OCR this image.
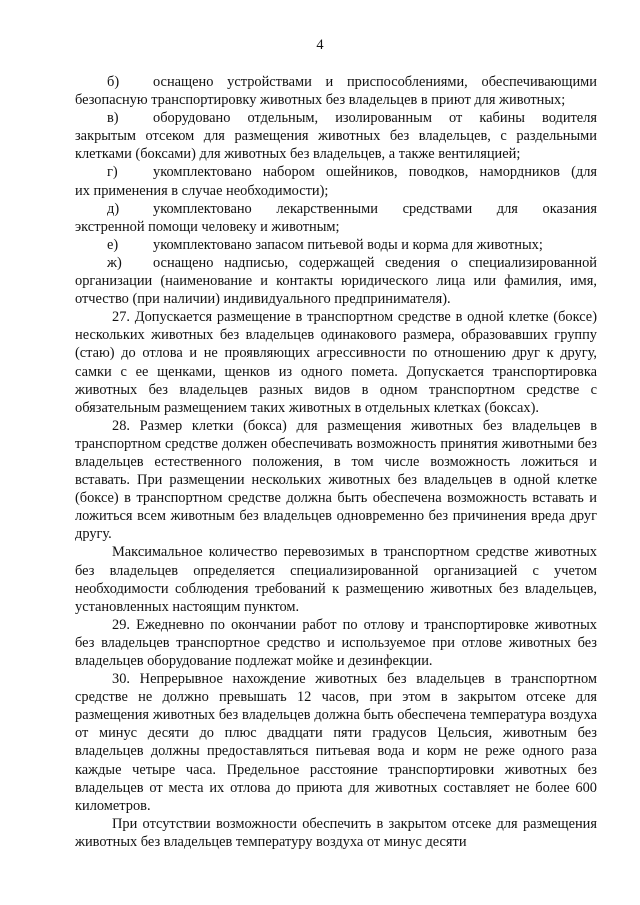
4
б) оснащено устройствами и приспособлениями, обеспечивающими
безопасную транспортировку животных без владельцев в приют для животных;
в) оборудовано отдельным, изолированным от кабины водителя
закрытым отсеком для размещения животных без владельцев, с раздельными клетками (боксами) для животных без владельцев, а также вентиляцией;
г) укомплектовано набором ошейников, поводков, намордников (для
их применения в случае необходимости);
д) укомплектовано лекарственными средствами для оказания
экстренной помощи человеку и животным;
е) укомплектовано запасом питьевой воды и корма для животных;
ж) оснащено надписью, содержащей сведения о специализированной
организации (наименование и контакты юридического лица или фамилия, имя, отчество (при наличии) индивидуального предпринимателя).

27. Допускается размещение в транспортном средстве в одной клетке (боксе) нескольких животных без владельцев одинакового размера, образовавших группу (стаю) до отлова и не проявляющих агрессивности по отношению друг к другу, самки с ее щенками, щенков из одного помета. Допускается транспортировка животных без владельцев разных видов в одном транспортном средстве с обязательным размещением таких животных в отдельных клетках (боксах).

28. Размер клетки (бокса) для размещения животных без владельцев в транспортном средстве должен обеспечивать возможность принятия животными без владельцев естественного положения, в том числе возможность ложиться и вставать. При размещении нескольких животных без владельцев в одной клетке (боксе) в транспортном средстве должна быть обеспечена возможность вставать и ложиться всем животным без владельцев одновременно без причинения вреда друг другу.

Максимальное количество перевозимых в транспортном средстве животных без владельцев определяется специализированной организацией с учетом необходимости соблюдения требований к размещению животных без владельцев, установленных настоящим пунктом.

29. Ежедневно по окончании работ по отлову и транспортировке животных без владельцев транспортное средство и используемое при отлове животных без владельцев оборудование подлежат мойке и дезинфекции.

30. Непрерывное нахождение животных без владельцев в транспортном средстве не должно превышать 12 часов, при этом в закрытом отсеке для размещения животных без владельцев должна быть обеспечена температура воздуха от минус десяти до плюс двадцати пяти градусов Цельсия, животным без владельцев должны предоставляться питьевая вода и корм не реже одного раза каждые четыре часа. Предельное расстояние транспортировки животных без владельцев от места их отлова до приюта для животных составляет не более 600 километров.

При отсутствии возможности обеспечить в закрытом отсеке для размещения животных без владельцев температуру воздуха от минус десяти
